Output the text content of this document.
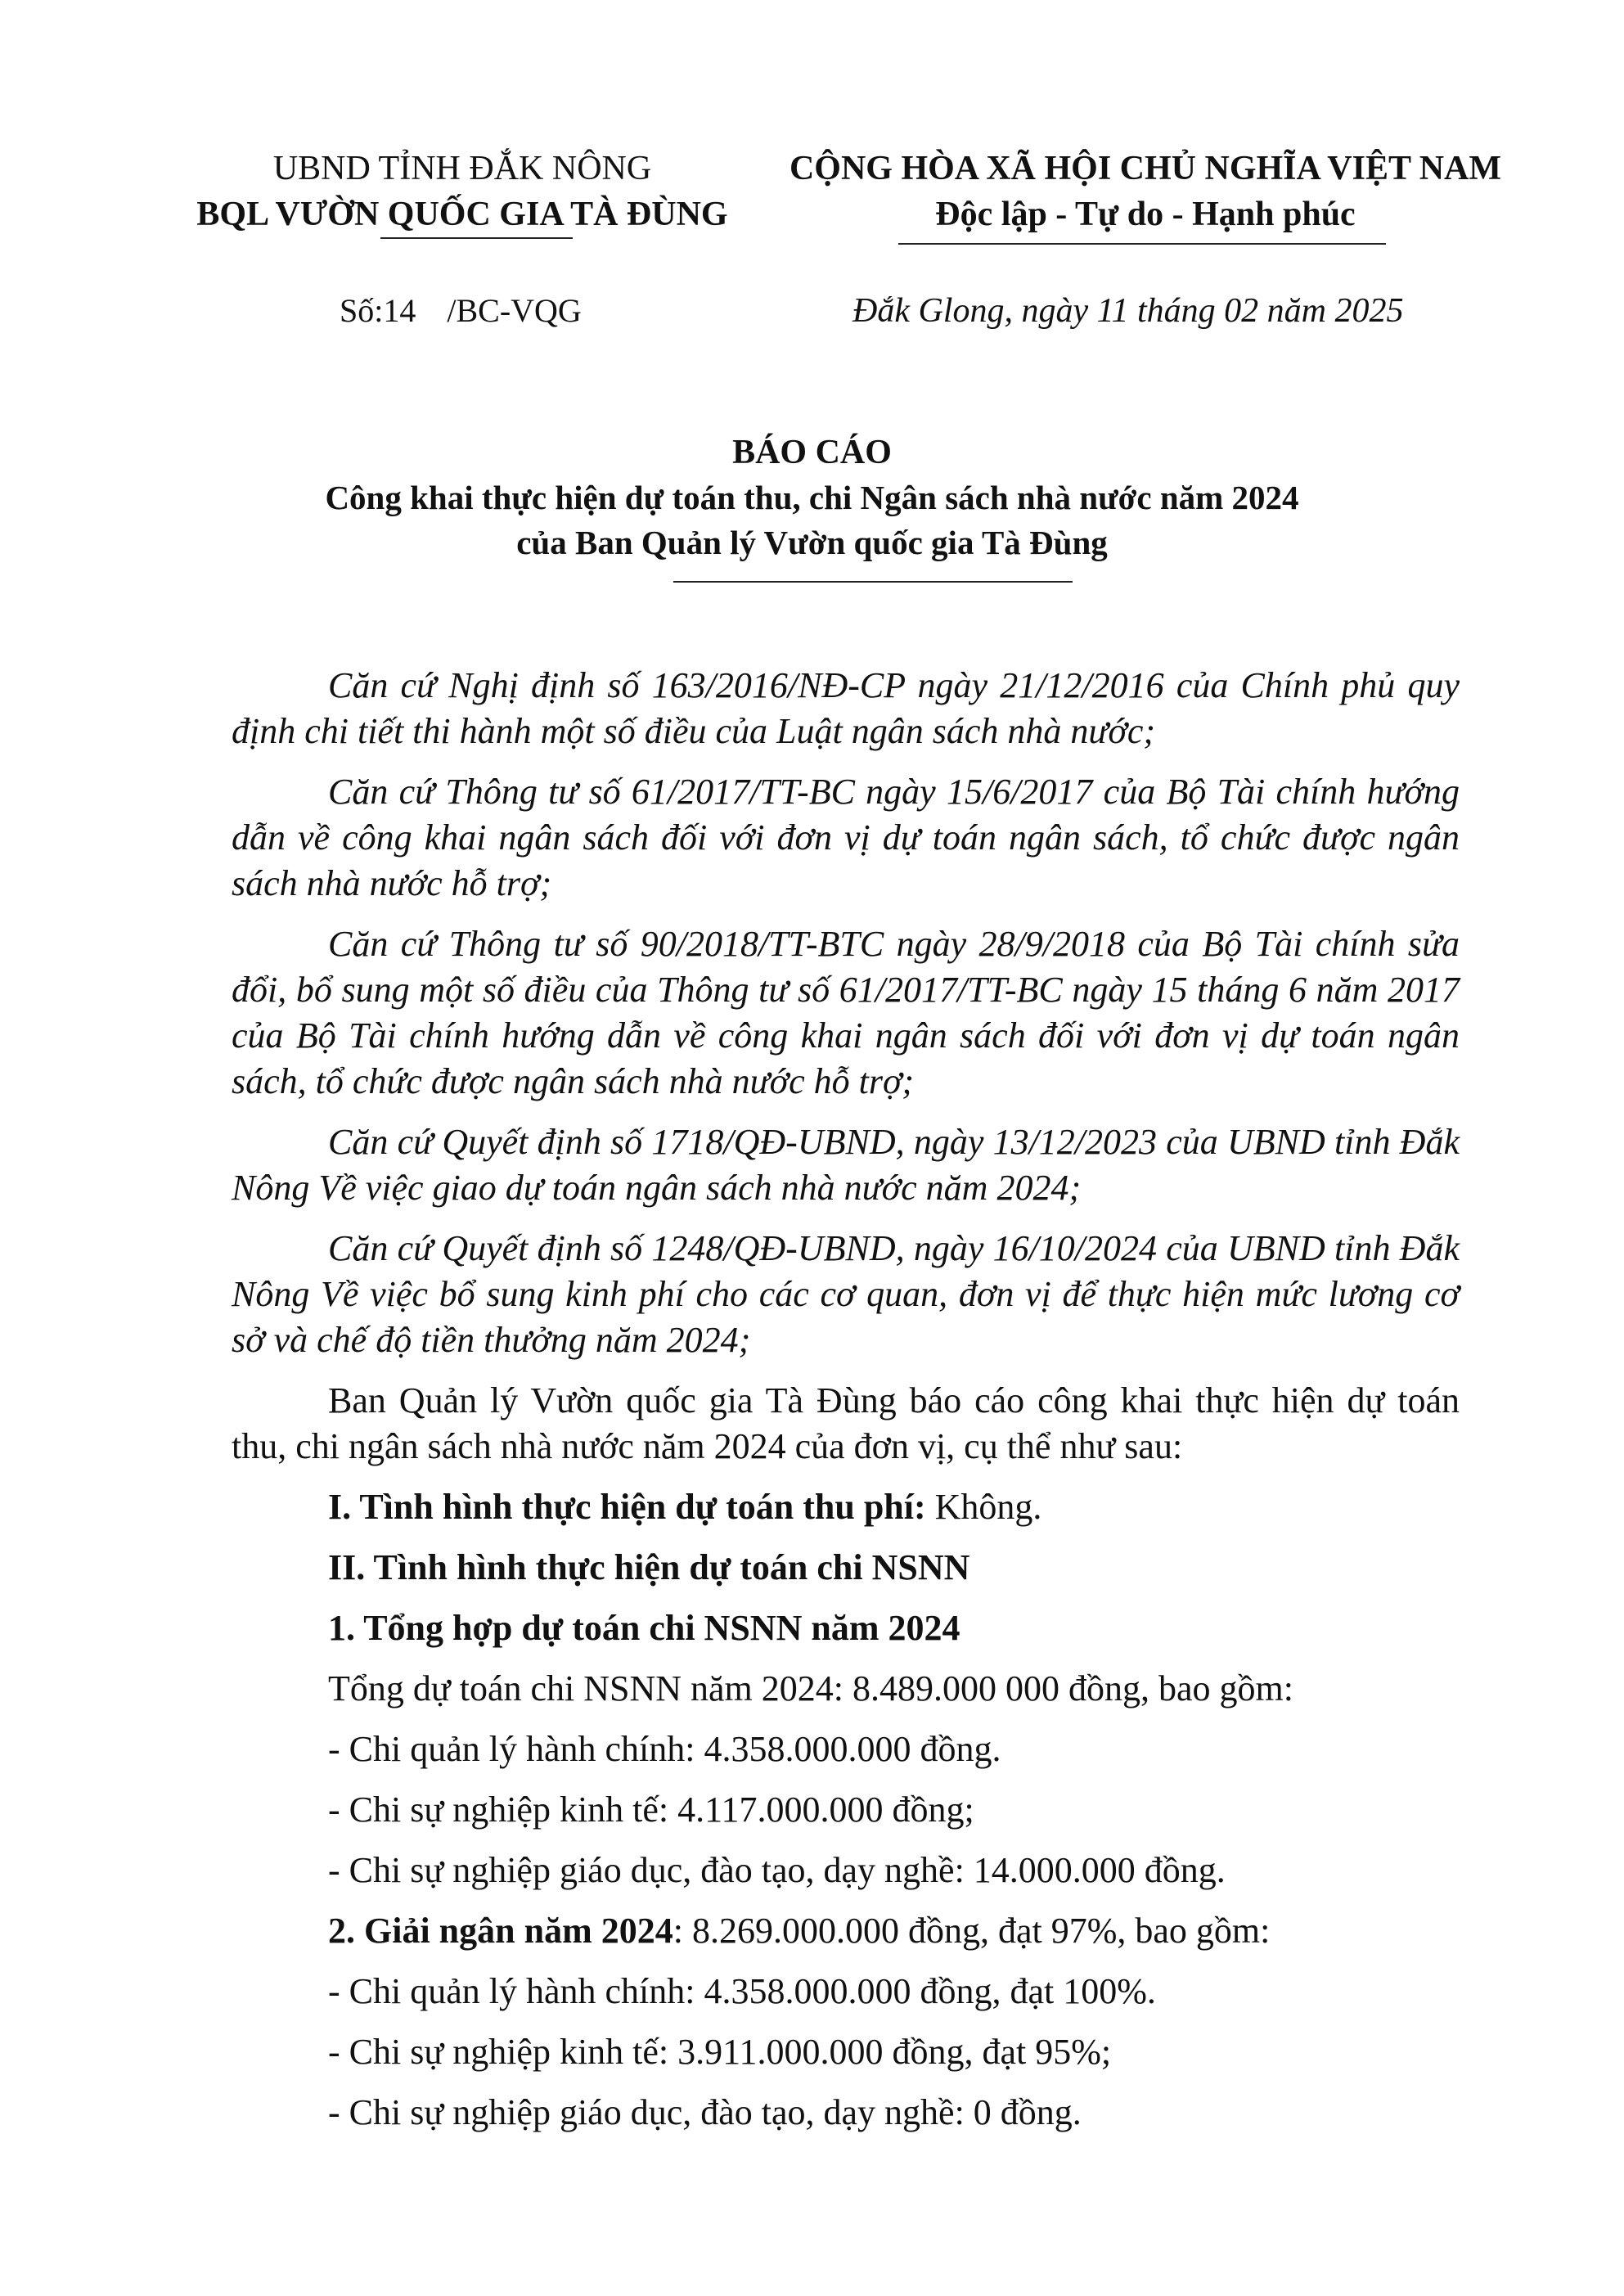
UBND TỈNH ĐẮK NÔNG
BQL VƯỜN QUỐC GIA TÀ ĐÙNG
CỘNG HÒA XÃ HỘI CHỦ NGHĨA VIỆT NAM
Độc lập - Tự do - Hạnh phúc
Số:14 /BC-VQG	Đắk Glong, ngày 11 tháng 02 năm 2025
BÁO CÁO
Công khai thực hiện dự toán thu, chi Ngân sách nhà nước năm 2024
của Ban Quản lý Vườn quốc gia Tà Đùng

Căn cứ Nghị định số 163/2016/NĐ-CP ngày 21/12/2016 của Chính phủ quy định chi tiết thi hành một số điều của Luật ngân sách nhà nước;

Căn cứ Thông tư số 61/2017/TT-BC ngày 15/6/2017 của Bộ Tài chính hướng dẫn về công khai ngân sách đối với đơn vị dự toán ngân sách, tổ chức được ngân sách nhà nước hỗ trợ;

Căn cứ Thông tư số 90/2018/TT-BTC ngày 28/9/2018 của Bộ Tài chính sửa đổi, bổ sung một số điều của Thông tư số 61/2017/TT-BC ngày 15 tháng 6 năm 2017 của Bộ Tài chính hướng dẫn về công khai ngân sách đối với đơn vị dự toán ngân sách, tổ chức được ngân sách nhà nước hỗ trợ;

Căn cứ Quyết định số 1718/QĐ-UBND, ngày 13/12/2023 của UBND tỉnh Đắk Nông Về việc giao dự toán ngân sách nhà nước năm 2024;

Căn cứ Quyết định số 1248/QĐ-UBND, ngày 16/10/2024 của UBND tỉnh Đắk Nông Về việc bổ sung kinh phí cho các cơ quan, đơn vị để thực hiện mức lương cơ sở và chế độ tiền thưởng năm 2024;

Ban Quản lý Vườn quốc gia Tà Đùng báo cáo công khai thực hiện dự toán thu, chi ngân sách nhà nước năm 2024 của đơn vị, cụ thể như sau:

I. Tình hình thực hiện dự toán thu phí: Không.
II. Tình hình thực hiện dự toán chi NSNN
1. Tổng hợp dự toán chi NSNN năm 2024
Tổng dự toán chi NSNN năm 2024: 8.489.000 000 đồng, bao gồm:
- Chi quản lý hành chính: 4.358.000.000 đồng.
- Chi sự nghiệp kinh tế: 4.117.000.000 đồng;
- Chi sự nghiệp giáo dục, đào tạo, dạy nghề: 14.000.000 đồng.
2. Giải ngân năm 2024: 8.269.000.000 đồng, đạt 97%, bao gồm:
- Chi quản lý hành chính: 4.358.000.000 đồng, đạt 100%.
- Chi sự nghiệp kinh tế: 3.911.000.000 đồng, đạt 95%;
- Chi sự nghiệp giáo dục, đào tạo, dạy nghề: 0 đồng.
